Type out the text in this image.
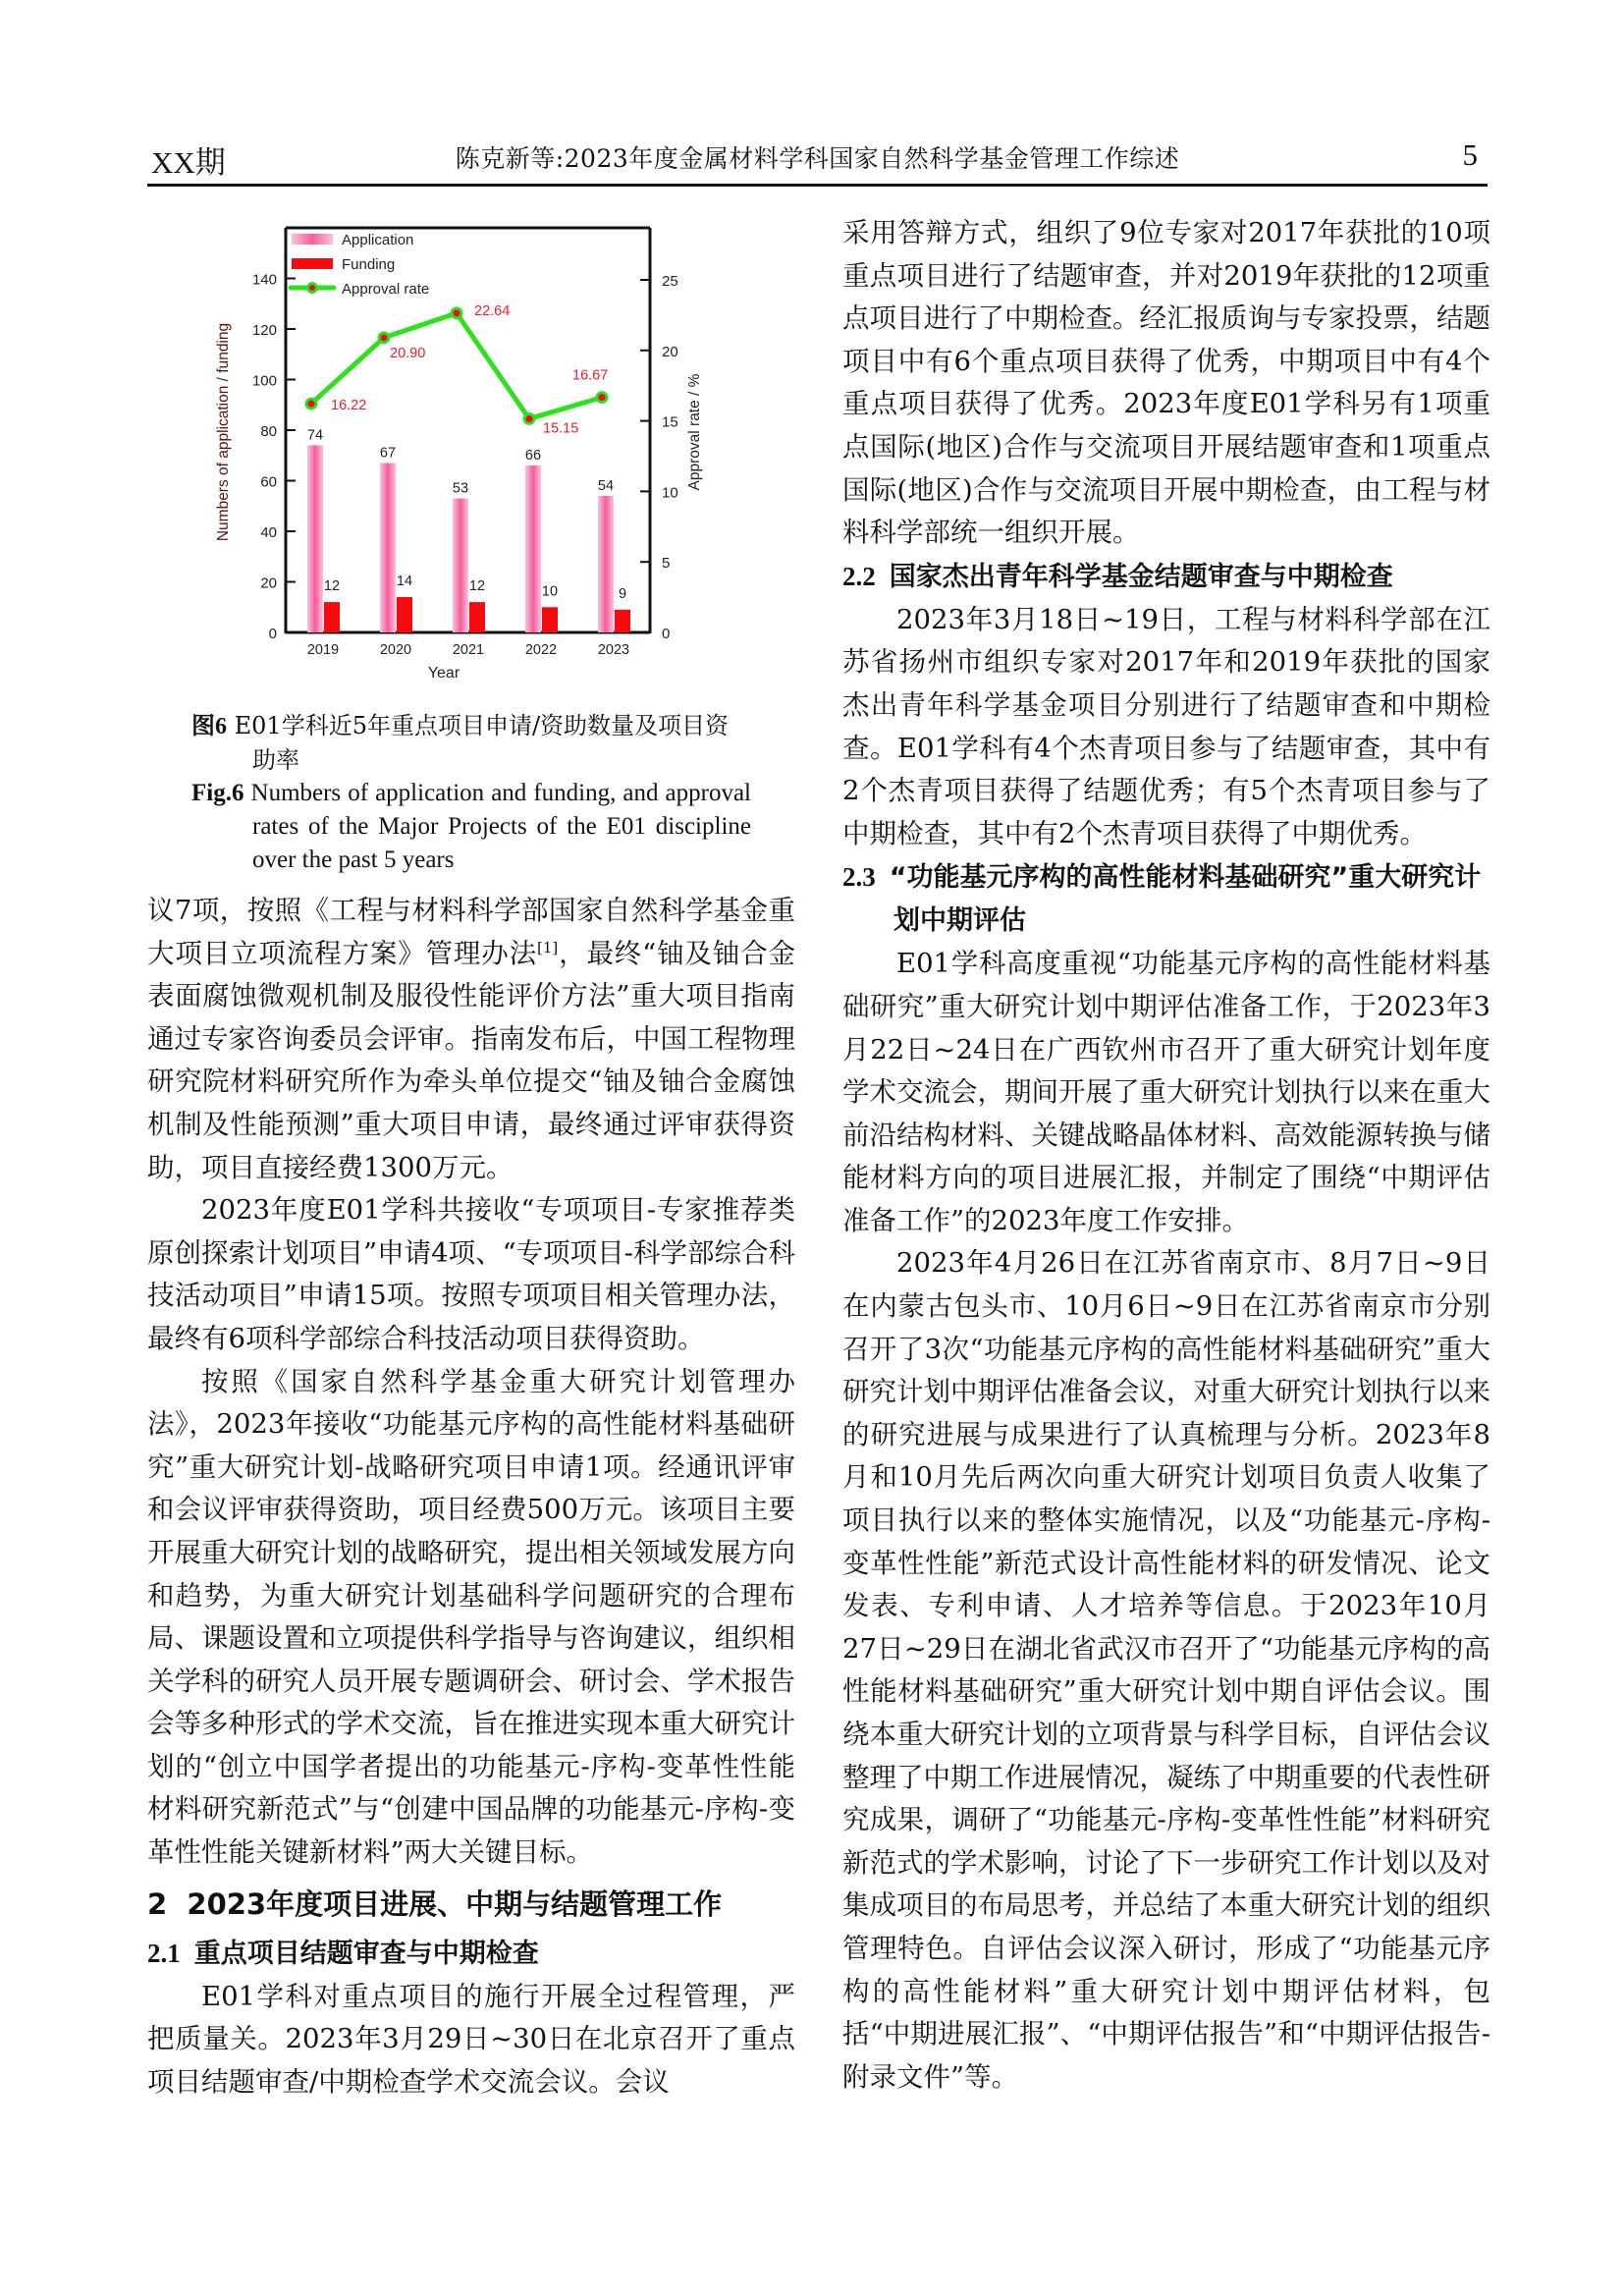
XX期	陈克新等:2023年度金属材料学科国家自然科学基金管理工作综述	5
0
20
40
60
80
100
120
140
0
5
10
15
20
25
74
12
67
14
53
12
66
10
54
9
16.22
20.90
22.64
15.15
16.67
2019	2020	2021	2022	2023
Numbers of application / funding	Approval rate / %
Year
Application
Funding
Approval rate
图6 E01学科近5年重点项目申请/资助数量及项目资助率
Fig.6 Numbers of application and funding, and approval rates of the Major Projects of the E01 discipline over the past 5 years

议7项，按照《工程与材料科学部国家自然科学基金重大项目立项流程方案》管理办法[1]，最终“铀及铀合金表面腐蚀微观机制及服役性能评价方法”重大项目指南通过专家咨询委员会评审。指南发布后，中国工程物理研究院材料研究所作为牵头单位提交“铀及铀合金腐蚀机制及性能预测”重大项目申请，最终通过评审获得资助，项目直接经费1300万元。

2023年度E01学科共接收“专项项目-专家推荐类原创探索计划项目”申请4项、“专项项目-科学部综合科技活动项目”申请15项。按照专项项目相关管理办法，最终有6项科学部综合科技活动项目获得资助。

按照《国家自然科学基金重大研究计划管理办法》，2023年接收“功能基元序构的高性能材料基础研究”重大研究计划-战略研究项目申请1项。经通讯评审和会议评审获得资助，项目经费500万元。该项目主要开展重大研究计划的战略研究，提出相关领域发展方向和趋势，为重大研究计划基础科学问题研究的合理布局、课题设置和立项提供科学指导与咨询建议，组织相关学科的研究人员开展专题调研会、研讨会、学术报告会等多种形式的学术交流，旨在推进实现本重大研究计划的“创立中国学者提出的功能基元-序构-变革性性能材料研究新范式”与“创建中国品牌的功能基元-序构-变革性性能关键新材料”两大关键目标。

2 2023年度项目进展、中期与结题管理工作
2.1 重点项目结题审查与中期检查

E01学科对重点项目的施行开展全过程管理，严把质量关。2023年3月29日~30日在北京召开了重点项目结题审查/中期检查学术交流会议。会议

采用答辩方式，组织了9位专家对2017年获批的10项重点项目进行了结题审查，并对2019年获批的12项重点项目进行了中期检查。经汇报质询与专家投票，结题项目中有6个重点项目获得了优秀，中期项目中有4个重点项目获得了优秀。2023年度E01学科另有1项重点国际(地区)合作与交流项目开展结题审查和1项重点国际(地区)合作与交流项目开展中期检查，由工程与材料科学部统一组织开展。

2.2 国家杰出青年科学基金结题审查与中期检查

2023年3月18日~19日，工程与材料科学部在江苏省扬州市组织专家对2017年和2019年获批的国家杰出青年科学基金项目分别进行了结题审查和中期检查。E01学科有4个杰青项目参与了结题审查，其中有2个杰青项目获得了结题优秀；有5个杰青项目参与了中期检查，其中有2个杰青项目获得了中期优秀。

2.3 “功能基元序构的高性能材料基础研究”重大研究计划中期评估

E01学科高度重视“功能基元序构的高性能材料基础研究”重大研究计划中期评估准备工作，于2023年3月22日~24日在广西钦州市召开了重大研究计划年度学术交流会，期间开展了重大研究计划执行以来在重大前沿结构材料、关键战略晶体材料、高效能源转换与储能材料方向的项目进展汇报，并制定了围绕“中期评估准备工作”的2023年度工作安排。

2023年4月26日在江苏省南京市、8月7日~9日在内蒙古包头市、10月6日~9日在江苏省南京市分别召开了3次“功能基元序构的高性能材料基础研究”重大研究计划中期评估准备会议，对重大研究计划执行以来的研究进展与成果进行了认真梳理与分析。2023年8月和10月先后两次向重大研究计划项目负责人收集了项目执行以来的整体实施情况，以及“功能基元-序构-变革性性能”新范式设计高性能材料的研发情况、论文发表、专利申请、人才培养等信息。于2023年10月27日~29日在湖北省武汉市召开了“功能基元序构的高性能材料基础研究”重大研究计划中期自评估会议。围绕本重大研究计划的立项背景与科学目标，自评估会议整理了中期工作进展情况，凝练了中期重要的代表性研究成果，调研了“功能基元-序构-变革性性能”材料研究新范式的学术影响，讨论了下一步研究工作计划以及对集成项目的布局思考，并总结了本重大研究计划的组织管理特色。自评估会议深入研讨，形成了“功能基元序构的高性能材料”重大研究计划中期评估材料，包括“中期进展汇报”、“中期评估报告”和“中期评估报告-附录文件”等。
